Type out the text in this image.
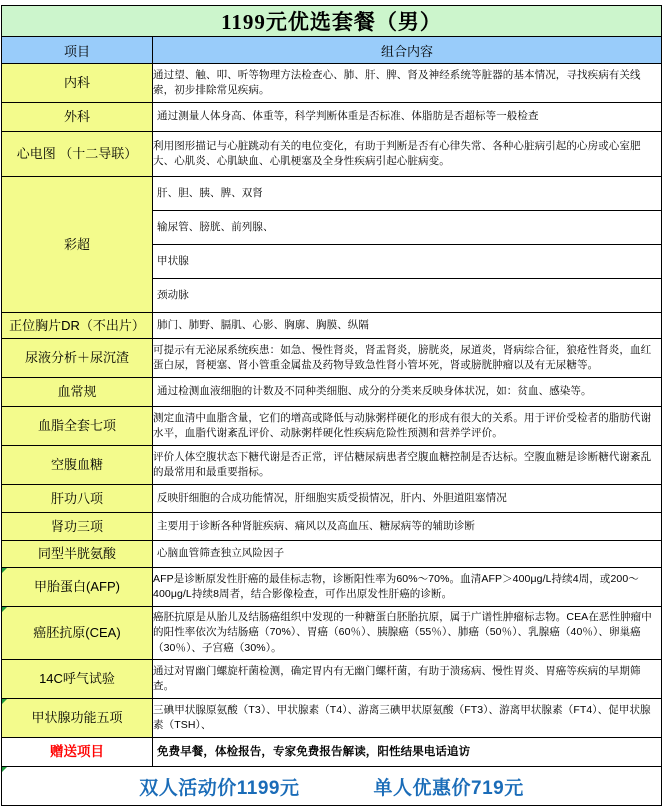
1199元优选套餐（男）	
项目	组合内容
内科	通过望、触、叩、听等物理方法检查心、肺、肝、脾、肾及神经系统等脏器的基本情况，寻找疾病有关线索，初步排除常见疾病。
外科	通过测量人体身高、体重等，科学判断体重是否标准、体脂肪是否超标等一般检查
心电图 （十二导联）	利用图形描记与心脏跳动有关的电位变化，有助于判断是否有心律失常、各种心脏病引起的心房或心室肥大、心肌炎、心肌缺血、心肌梗塞及全身性疾病引起心脏病变。
彩超	肝、胆、胰、脾、双肾
	输尿管、膀胱、前列腺、
	甲状腺
	颈动脉
正位胸片DR（不出片）	肺门、肺野、膈肌、心影、胸廓、胸膜、纵隔
尿液分析＋尿沉渣	可提示有无泌尿系统疾患：如急、慢性肾炎，肾盂肾炎，膀胱炎，尿道炎，肾病综合征，狼疮性肾炎，血红蛋白尿，肾梗塞、肾小管重金属盐及药物导致急性肾小管坏死，肾或膀胱肿瘤以及有无尿糖等。
血常规	通过检测血液细胞的计数及不同种类细胞、成分的分类来反映身体状况，如：贫血、感染等。
血脂全套七项	测定血清中血脂含量，它们的增高或降低与动脉粥样硬化的形成有很大的关系。用于评价受检者的脂肪代谢水平，血脂代谢紊乱评价、动脉粥样硬化性疾病危险性预测和营养学评价。
空腹血糖	评价人体空腹状态下糖代谢是否正常，评估糖尿病患者空腹血糖控制是否达标。空腹血糖是诊断糖代谢紊乱的最常用和最重要指标。
肝功八项	反映肝细胞的合成功能情况，肝细胞实质受损情况，肝内、外胆道阻塞情况
肾功三项	主要用于诊断各种肾脏疾病、痛风以及高血压、糖尿病等的辅助诊断
同型半胱氨酸	心脑血管筛查独立风险因子
甲胎蛋白(AFP)	AFP是诊断原发性肝癌的最佳标志物，诊断阳性率为60%～70%。血清AFP＞400μg/L持续4周，或200～400μg/L持续8周者，结合影像检查，可作出原发性肝癌的诊断。
癌胚抗原(CEA)	癌胚抗原是从胎儿及结肠癌组织中发现的一种糖蛋白胚胎抗原，属于广谱性肿瘤标志物。CEA在恶性肿瘤中的阳性率依次为结肠癌（70%）、胃癌（60％）、胰腺癌（55％）、肺癌（50％）、乳腺癌（40％）、卵巢癌（30％）、子宫癌（30%）。
14C呼气试验	通过对胃幽门螺旋杆菌检测，确定胃内有无幽门螺杆菌，有助于溃疡病、慢性胃炎、胃癌等疾病的早期筛查。
甲状腺功能五项	三碘甲状腺原氨酸（T3）、甲状腺素（T4）、游离三碘甲状原氨酸（FT3）、游离甲状腺素（FT4）、促甲状腺素（TSH）、
赠送项目	免费早餐，体检报告，专家免费报告解读，阳性结果电话追访

双人活动价1199元 单人优惠价719元	
